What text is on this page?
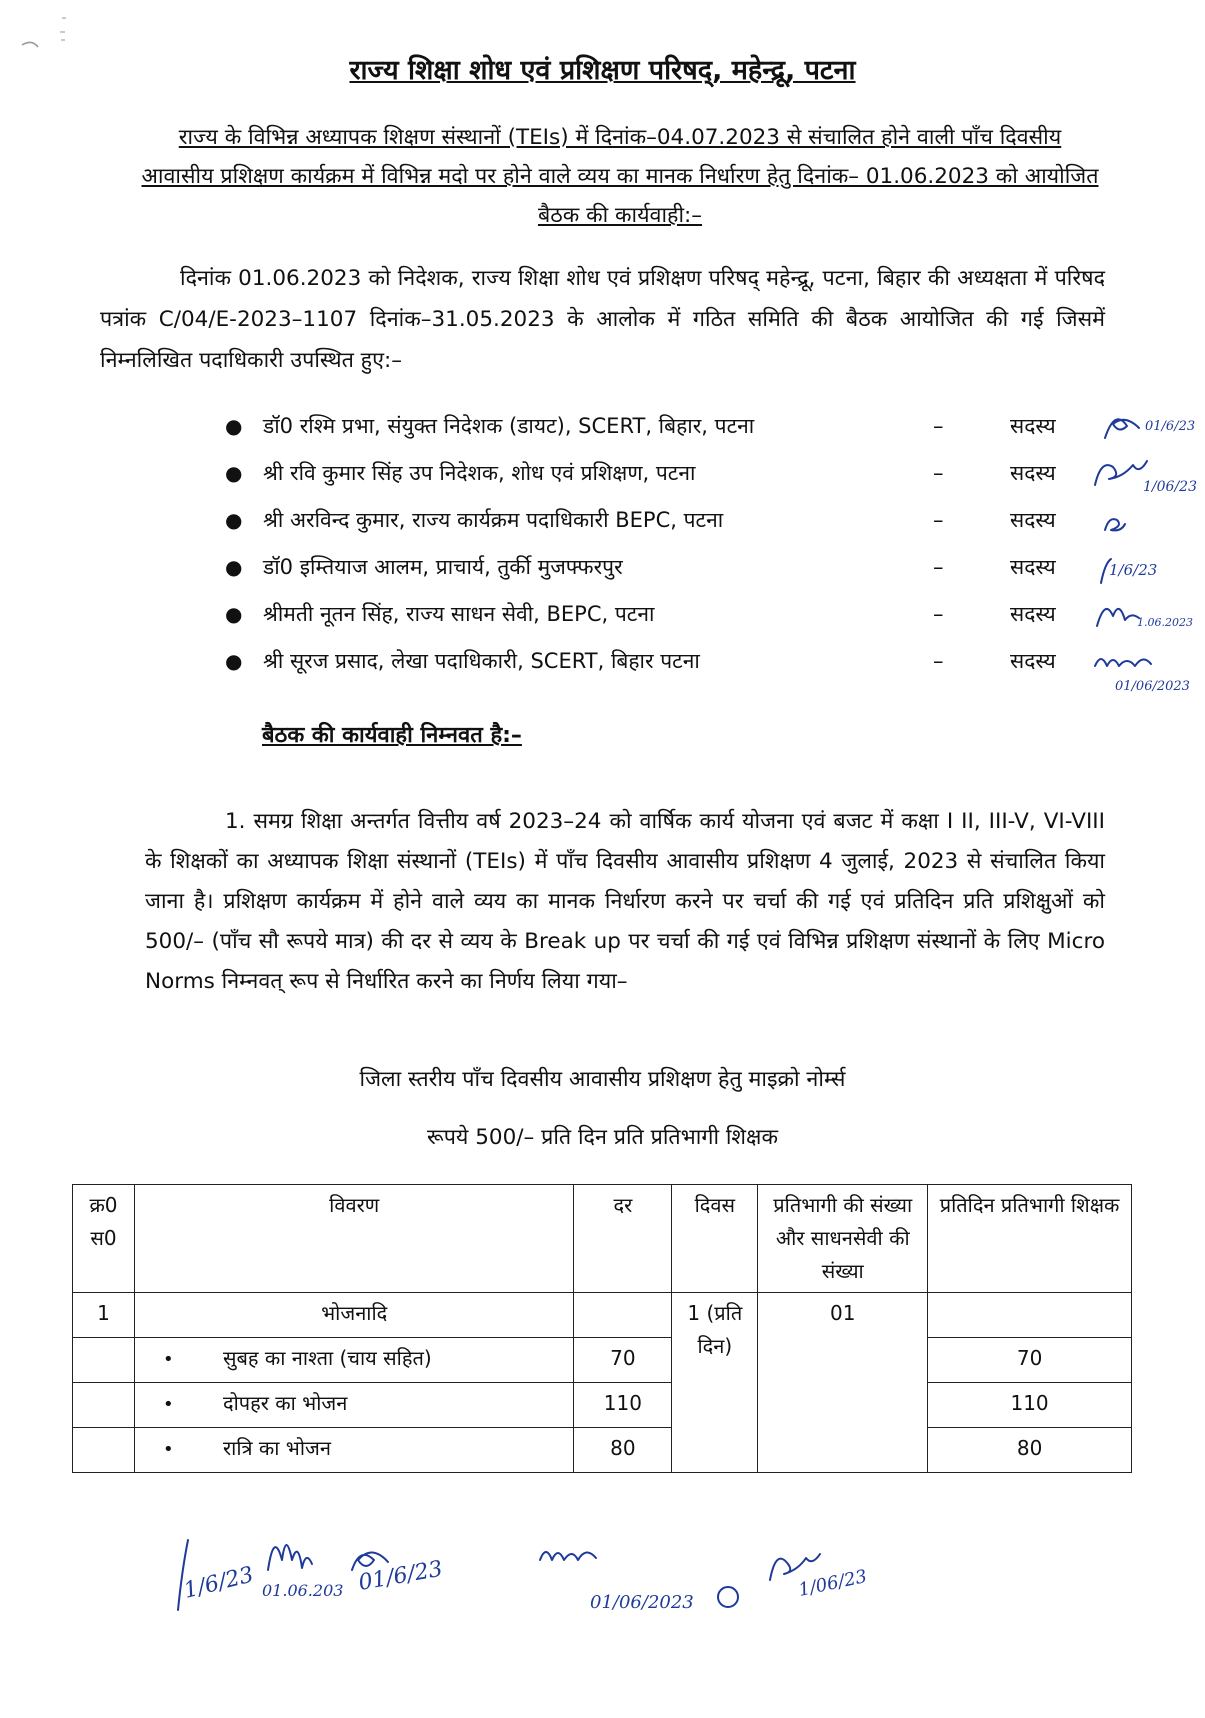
राज्य शिक्षा शोध एवं प्रशिक्षण परिषद्, महेन्द्रू, पटना
राज्य के विभिन्न अध्यापक शिक्षण संस्थानों (TEIs) में दिनांक–04.07.2023 से संचालित होने वाली पाँच दिवसीय आवासीय प्रशिक्षण कार्यक्रम में विभिन्न मदो पर होने वाले व्यय का मानक निर्धारण हेतु दिनांक– 01.06.2023 को आयोजित बैठक की कार्यवाही:–
दिनांक 01.06.2023 को निदेशक, राज्य शिक्षा शोध एवं प्रशिक्षण परिषद् महेन्द्रू, पटना, बिहार की अध्यक्षता में परिषद पत्रांक C/04/E-2023–1107 दिनांक–31.05.2023 के आलोक में गठित समिति की बैठक आयोजित की गई जिसमें निम्नलिखित पदाधिकारी उपस्थित हुए:–
● डॉ0 रश्मि प्रभा, संयुक्त निदेशक (डायट), SCERT, बिहार, पटना	–	सदस्य	01/6/23
● श्री रवि कुमार सिंह उप निदेशक, शोध एवं प्रशिक्षण, पटना	–	सदस्य
1/06/23
● श्री अरविन्द कुमार, राज्य कार्यक्रम पदाधिकारी BEPC, पटना	–	सदस्य
● डॉ0 इम्तियाज आलम, प्राचार्य, तुर्की मुजफ्फरपुर	–	सदस्य	1/6/23
● श्रीमती नूतन सिंह, राज्य साधन सेवी, BEPC, पटना	–	सदस्य	1.06.2023
● श्री सूरज प्रसाद, लेखा पदाधिकारी, SCERT, बिहार पटना	–	सदस्य
01/06/2023
बैठक की कार्यवाही निम्नवत है:–
1. समग्र शिक्षा अन्तर्गत वित्तीय वर्ष 2023–24 को वार्षिक कार्य योजना एवं बजट में कक्षा I II, III-V, VI-VIII के शिक्षकों का अध्यापक शिक्षा संस्थानों (TEIs) में पाँच दिवसीय आवासीय प्रशिक्षण 4 जुलाई, 2023 से संचालित किया जाना है। प्रशिक्षण कार्यक्रम में होने वाले व्यय का मानक निर्धारण करने पर चर्चा की गई एवं प्रतिदिन प्रति प्रशिक्षुओं को 500/– (पाँच सौ रूपये मात्र) की दर से व्यय के Break up पर चर्चा की गई एवं विभिन्न प्रशिक्षण संस्थानों के लिए Micro Norms निम्नवत् रूप से निर्धारित करने का निर्णय लिया गया–
जिला स्तरीय पाँच दिवसीय आवासीय प्रशिक्षण हेतु माइक्रो नोर्म्स
रूपये 500/– प्रति दिन प्रति प्रतिभागी शिक्षक
क्र0 स0	विवरण	दर	दिवस	प्रतिभागी की संख्या और साधनसेवी की संख्या	प्रतिदिन प्रतिभागी शिक्षक
1	भोजनादि		1 (प्रति दिन)	01	
	• सुबह का नाश्ता (चाय सहित)	70			70
	• दोपहर का भोजन	110			110
	• रात्रि का भोजन	80			80
1/6/23 01.06.203 01/6/23
01/06/2023
1/06/23
